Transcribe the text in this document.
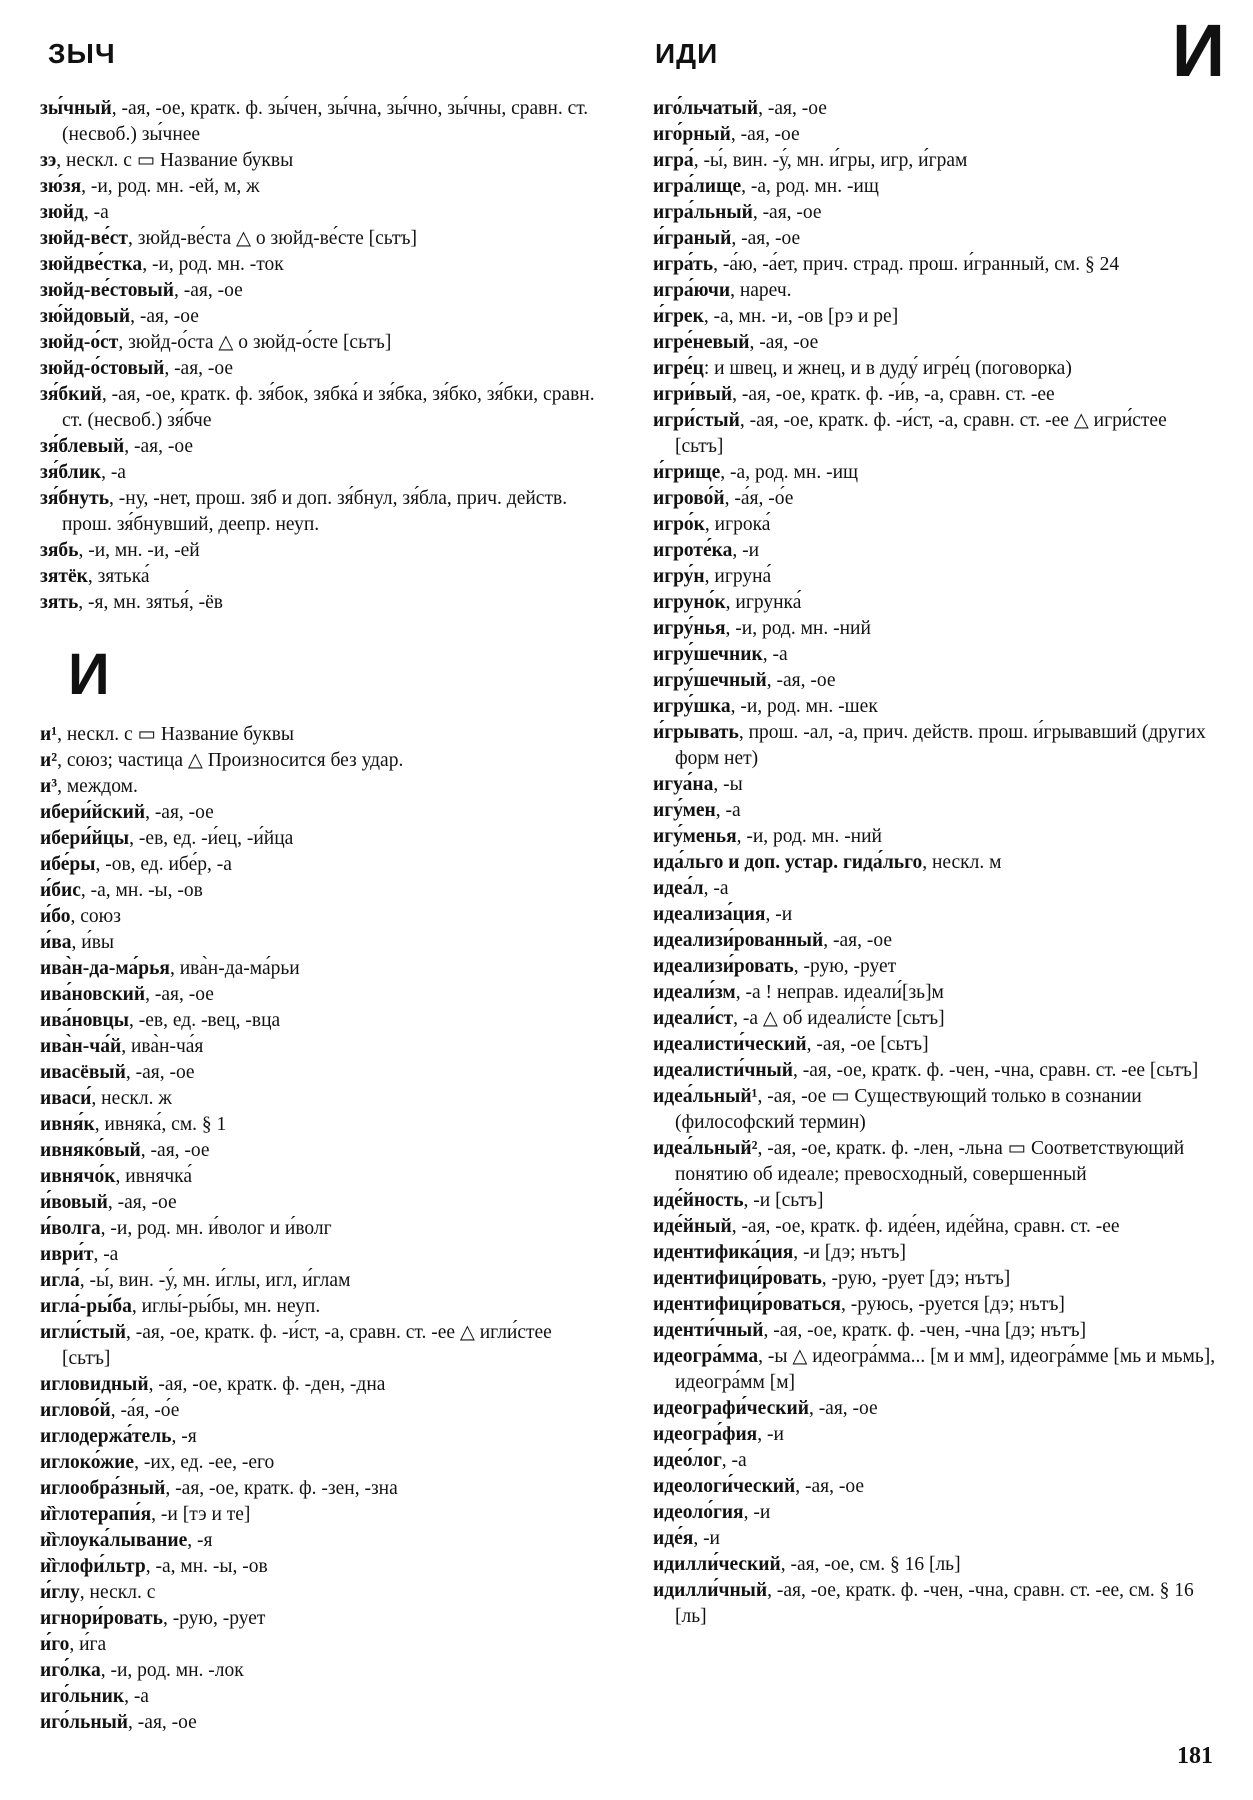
ЗЫЧ	ИДИ	И

зы́чный, -ая, -ое, кратк. ф. зы́чен, зы́чна, зы́чно, зы́чны, сравн. ст. (несвоб.) зы́чнее

зэ, нескл. с ▭ Название буквы

зю́зя, -и, род. мн. -ей, м, ж

зюйд, -а

зюйд-ве́ст, зюйд-ве́ста △ о зюйд-ве́сте [сьтъ]

зюйдве́стка, -и, род. мн. -ток

зюйд-ве́стовый, -ая, -ое

зю́йдовый, -ая, -ое

зюйд-о́ст, зюйд-о́ста △ о зюйд-о́сте [сьтъ]

зюйд-о́стовый, -ая, -ое

зя́бкий, -ая, -ое, кратк. ф. зя́бок, зябка́ и зя́бка, зя́бко, зя́бки, сравн. ст. (несвоб.) зя́бче

зя́блевый, -ая, -ое

зя́блик, -а

зя́бнуть, -ну, -нет, прош. зяб и доп. зя́бнул, зя́бла, прич. действ. прош. зя́бнувший, деепр. неуп.

зябь, -и, мн. -и, -ей

зятёк, зятька́

зять, -я, мн. зятья́, -ёв

И

и¹, нескл. с ▭ Название буквы

и², союз; частица △ Произносится без удар.

и³, междом.

ибери́йский, -ая, -ое

ибери́йцы, -ев, ед. -и́ец, -и́йца

ибе́ры, -ов, ед. ибе́р, -а

и́бис, -а, мн. -ы, -ов

и́бо, союз

и́ва, и́вы

ива̀н-да-ма́рья, ива̀н-да-ма́рьи

ива́новский, -ая, -ое

ива́новцы, -ев, ед. -вец, -вца

ива̀н-ча́й, ива̀н-ча́я

ивасёвый, -ая, -ое

иваси́, нескл. ж

ивня́к, ивняка́, см. § 1

ивняко́вый, -ая, -ое

ивнячо́к, ивнячка́

и́вовый, -ая, -ое

и́волга, -и, род. мн. и́волог и и́волг

иври́т, -а

игла́, -ы́, вин. -у́, мн. и́глы, игл, и́глам

игла́-ры́ба, иглы́-ры́бы, мн. неуп.

игли́стый, -ая, -ое, кратк. ф. -и́ст, -а, сравн. ст. -ее △ игли́стее [сьтъ]

игловидный, -ая, -ое, кратк. ф. -ден, -дна

иглово́й, -а́я, -о́е

иглодержа́тель, -я

иглоко́жие, -их, ед. -ее, -его

иглообра́зный, -ая, -ое, кратк. ф. -зен, -зна

и̏глотерапи́я, -и [тэ и те]

и̏глоука́лывание, -я

и̏глофи́льтр, -а, мн. -ы, -ов

и́глу, нескл. с

игнори́ровать, -рую, -рует

и́го, и́га

иго́лка, -и, род. мн. -лок

иго́льник, -а

иго́льный, -ая, -ое

иго́льчатый, -ая, -ое

иго́рный, -ая, -ое

игра́, -ы́, вин. -у́, мн. и́гры, игр, и́грам

игра́лище, -а, род. мн. -ищ

игра́льный, -ая, -ое

и́граный, -ая, -ое

игра́ть, -а́ю, -а́ет, прич. страд. прош. и́гранный, см. § 24

игра́ючи, нареч.

и́грек, -а, мн. -и, -ов [рэ и ре]

игре́невый, -ая, -ое

игре́ц: и швец, и жнец, и в дуду́ игре́ц (поговорка)

игри́вый, -ая, -ое, кратк. ф. -и́в, -а, сравн. ст. -ее

игри́стый, -ая, -ое, кратк. ф. -и́ст, -а, сравн. ст. -ее △ игри́стее [сьтъ]

и́грище, -а, род. мн. -ищ

игрово́й, -а́я, -о́е

игро́к, игрока́

игроте́ка, -и

игру́н, игруна́

игруно́к, игрунка́

игру́нья, -и, род. мн. -ний

игру́шечник, -а

игру́шечный, -ая, -ое

игру́шка, -и, род. мн. -шек

и́грывать, прош. -ал, -а, прич. действ. прош. и́грывавший (других форм нет)

игуа́на, -ы

игу́мен, -а

игу́менья, -и, род. мн. -ний

ида́льго и доп. устар. гида́льго, нескл. м

идеа́л, -а

идеализа́ция, -и

идеализи́рованный, -ая, -ое

идеализи́ровать, -рую, -рует

идеали́зм, -а ! неправ. идеали́[зь]м

идеали́ст, -а △ об идеали́сте [сьтъ]

идеалисти́ческий, -ая, -ое [сьтъ]

идеалисти́чный, -ая, -ое, кратк. ф. -чен, -чна, сравн. ст. -ее [сьтъ]

идеа́льный¹, -ая, -ое ▭ Существующий только в сознании (философский термин)

идеа́льный², -ая, -ое, кратк. ф. -лен, -льна ▭ Соответствующий понятию об идеале; превосходный, совершенный

иде́йность, -и [сьтъ]

иде́йный, -ая, -ое, кратк. ф. иде́ен, иде́йна, сравн. ст. -ее

идентифика́ция, -и [дэ; нътъ]

идентифици́ровать, -рую, -рует [дэ; нътъ]

идентифици́роваться, -руюсь, -руется [дэ; нътъ]

иденти́чный, -ая, -ое, кратк. ф. -чен, -чна [дэ; нътъ]

идеогра́мма, -ы △ идеогра́мма... [м и мм], идеогра́мме [мь и мьмь], идеогра́мм [м]

идеографи́ческий, -ая, -ое

идеогра́фия, -и

идео́лог, -а

идеологи́ческий, -ая, -ое

идеоло́гия, -и

иде́я, -и

идилли́ческий, -ая, -ое, см. § 16 [ль]

идилли́чный, -ая, -ое, кратк. ф. -чен, -чна, сравн. ст. -ее, см. § 16 [ль]

181
